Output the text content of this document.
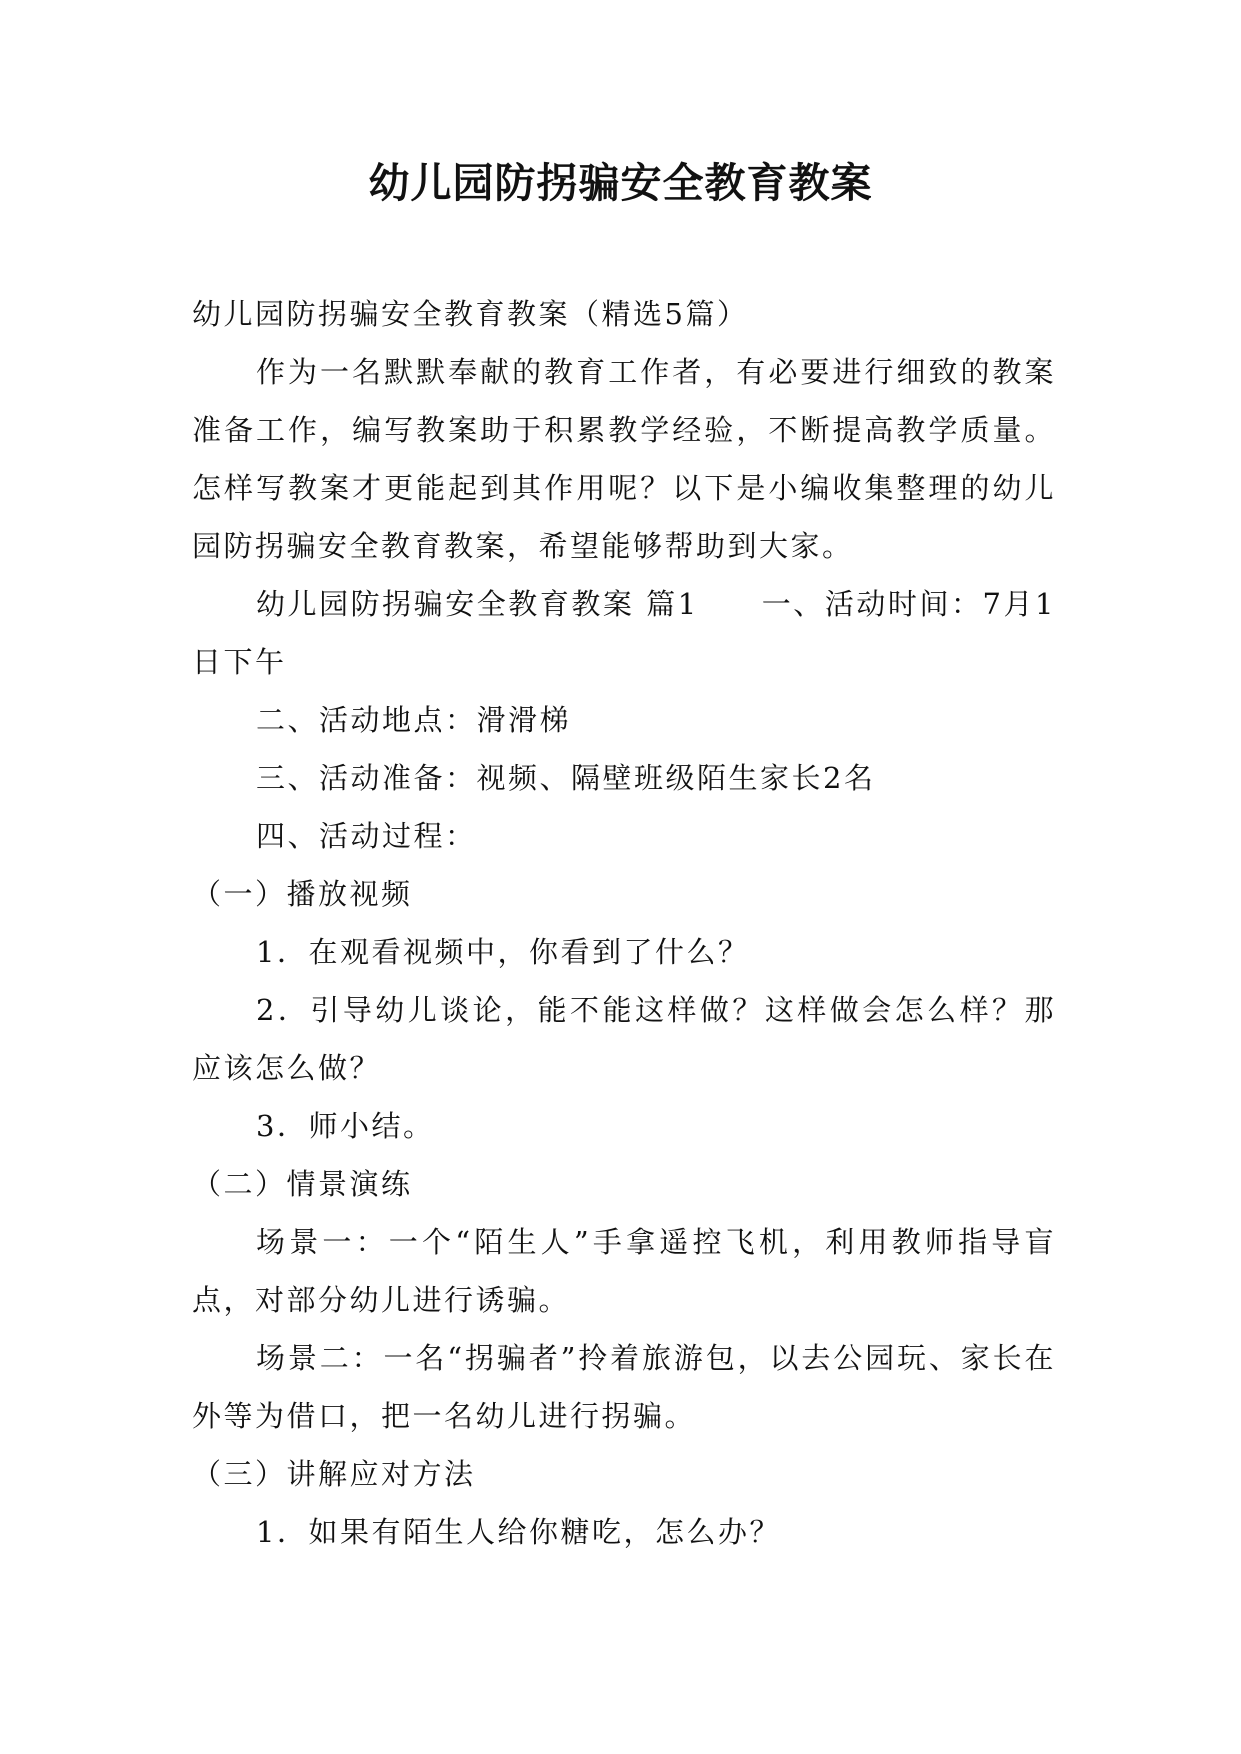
幼儿园防拐骗安全教育教案

幼儿园防拐骗安全教育教案（精选5篇）

作为一名默默奉献的教育工作者，有必要进行细致的教案准备工作，编写教案助于积累教学经验，不断提高教学质量。怎样写教案才更能起到其作用呢？以下是小编收集整理的幼儿园防拐骗安全教育教案，希望能够帮助到大家。

幼儿园防拐骗安全教育教案 篇1　　一、活动时间：7月1日下午

二、活动地点：滑滑梯

三、活动准备：视频、隔壁班级陌生家长2名

四、活动过程：

（一）播放视频

1．在观看视频中，你看到了什么？

2．引导幼儿谈论，能不能这样做？这样做会怎么样？那应该怎么做？

3．师小结。

（二）情景演练

场景一：一个“陌生人”手拿遥控飞机，利用教师指导盲点，对部分幼儿进行诱骗。

场景二：一名“拐骗者”拎着旅游包，以去公园玩、家长在外等为借口，把一名幼儿进行拐骗。

（三）讲解应对方法

1．如果有陌生人给你糖吃，怎么办？
